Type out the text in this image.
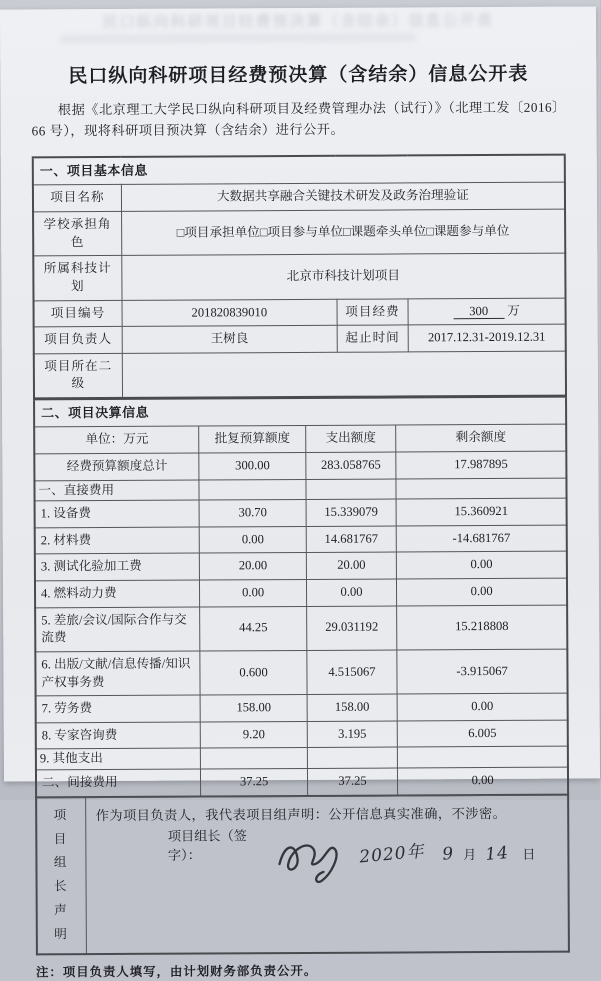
民口纵向科研项目经费预决算（含结余）信息公开表
民口纵向科研项目经费预决算（含结余）信息公开表
根据《北京理工大学民口纵向科研项目及经费管理办法（试行）》（北理工发〔2016〕66 号），现将科研项目预决算（含结余）进行公开。
一、项目基本信息			
项目名称	大数据共享融合关键技术研发及政务治理验证		
学校承担角色	□项目承担单位□项目参与单位□课题牵头单位□课题参与单位		
所属科技计划	北京市科技计划项目		
项目编号	201820839010	项目经费	300 万
项目负责人	王树良	起止时间	2017.12.31-2019.12.31
项目所在二级			
二、项目决算信息			
单位：万元	批复预算额度	支出额度	剩余额度
经费预算额度总计	300.00	283.058765	17.987895
一、直接费用			
1. 设备费	30.70	15.339079	15.360921
2. 材料费	0.00	14.681767	-14.681767
3. 测试化验加工费	20.00	20.00	0.00
4. 燃料动力费	0.00	0.00	0.00
5. 差旅/会议/国际合作与交流费	44.25	29.031192	15.218808
6. 出版/文献/信息传播/知识产权事务费	0.600	4.515067	-3.915067
7. 劳务费	158.00	158.00	0.00
8. 专家咨询费	9.20	3.195	6.005
9. 其他支出			
二、间接费用	37.25	37.25	0.00
项目组长声明	
作为项目负责人，我代表项目组声明：公开信息真实准确，不涉密。
项目组长（签字）：	2020年 9 月 14 日
注：项目负责人填写，由计划财务部负责公开。
